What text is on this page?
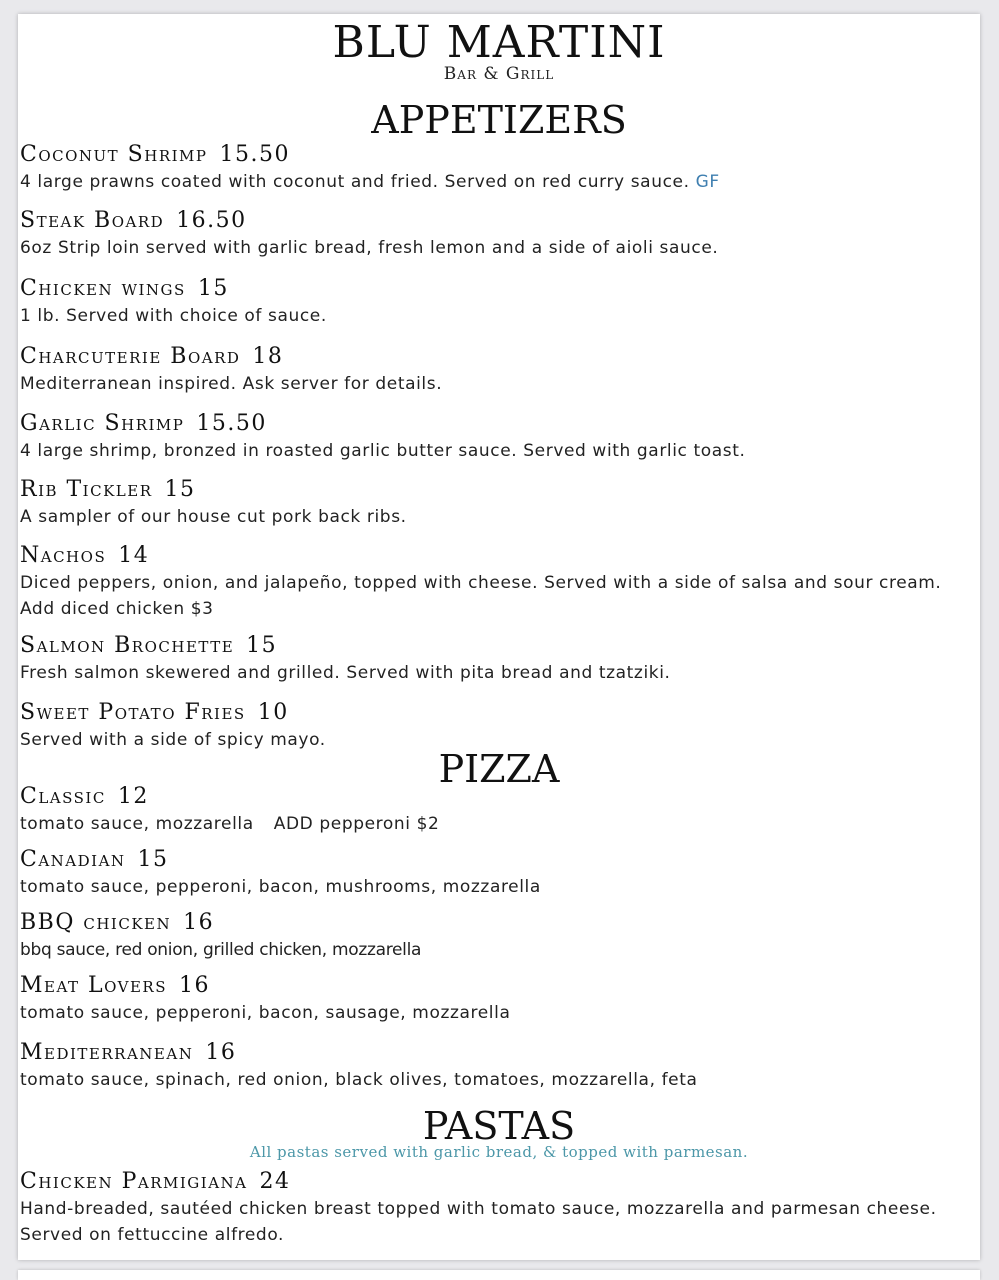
BLU MARTINI
Bar & Grill
APPETIZERS
Coconut Shrimp 15.50
4 large prawns coated with coconut and fried. Served on red curry sauce. GF
Steak Board 16.50
6oz Strip loin served with garlic bread, fresh lemon and a side of aioli sauce.
Chicken wings 15
1 lb. Served with choice of sauce.
Charcuterie Board 18
Mediterranean inspired. Ask server for details.
Garlic Shrimp 15.50
4 large shrimp, bronzed in roasted garlic butter sauce. Served with garlic toast.
Rib Tickler 15
A sampler of our house cut pork back ribs.
Nachos 14
Diced peppers, onion, and jalapeño, topped with cheese. Served with a side of salsa and sour cream. Add diced chicken $3
Salmon Brochette 15
Fresh salmon skewered and grilled. Served with pita bread and tzatziki.
Sweet Potato Fries 10
Served with a side of spicy mayo.
PIZZA
Classic 12
tomato sauce, mozzarella ADD pepperoni $2
Canadian 15
tomato sauce, pepperoni, bacon, mushrooms, mozzarella
BBQ chicken 16
bbq sauce, red onion, grilled chicken, mozzarella
Meat Lovers 16
tomato sauce, pepperoni, bacon, sausage, mozzarella
Mediterranean 16
tomato sauce, spinach, red onion, black olives, tomatoes, mozzarella, feta
PASTAS
All pastas served with garlic bread, & topped with parmesan.
Chicken Parmigiana 24
Hand-breaded, sautéed chicken breast topped with tomato sauce, mozzarella and parmesan cheese. Served on fettuccine alfredo.
